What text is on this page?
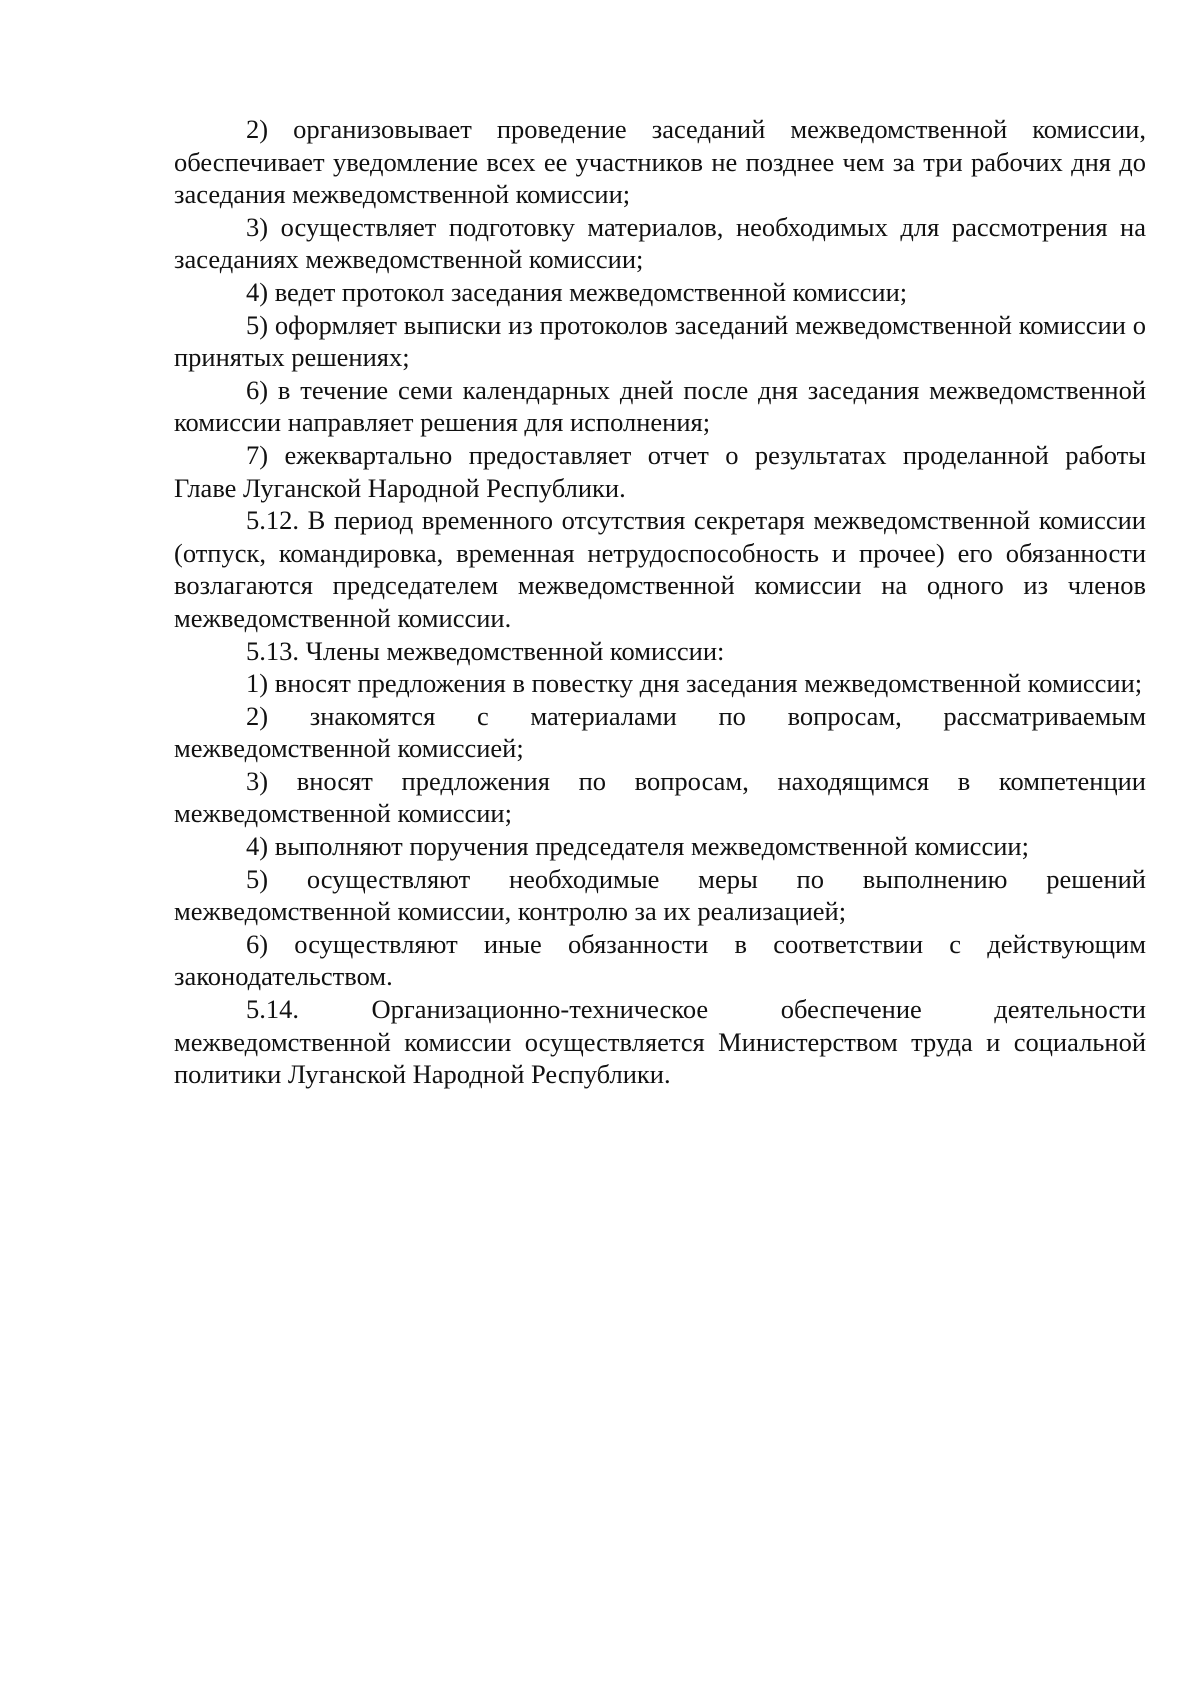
2) организовывает проведение заседаний межведомственной комиссии, обеспечивает уведомление всех ее участников не позднее чем за три рабочих дня до заседания межведомственной комиссии;

3) осуществляет подготовку материалов, необходимых для рассмотрения на заседаниях межведомственной комиссии;

4) ведет протокол заседания межведомственной комиссии;

5) оформляет выписки из протоколов заседаний межведомственной комиссии о принятых решениях;

6) в течение семи календарных дней после дня заседания межведомственной комиссии направляет решения для исполнения;

7) ежеквартально предоставляет отчет о результатах проделанной работы Главе Луганской Народной Республики.

5.12. В период временного отсутствия секретаря межведомственной комиссии (отпуск, командировка, временная нетрудоспособность и прочее) его обязанности возлагаются председателем межведомственной комиссии на одного из членов межведомственной комиссии.

5.13. Члены межведомственной комиссии:

1) вносят предложения в повестку дня заседания межведомственной комиссии;

2) знакомятся с материалами по вопросам, рассматриваемым межведомственной комиссией;

3) вносят предложения по вопросам, находящимся в компетенции межведомственной комиссии;

4) выполняют поручения председателя межведомственной комиссии;

5) осуществляют необходимые меры по выполнению решений межведомственной комиссии, контролю за их реализацией;

6) осуществляют иные обязанности в соответствии с действующим законодательством.

5.14. Организационно-техническое обеспечение деятельности межведомственной комиссии осуществляется Министерством труда и социальной политики Луганской Народной Республики.
